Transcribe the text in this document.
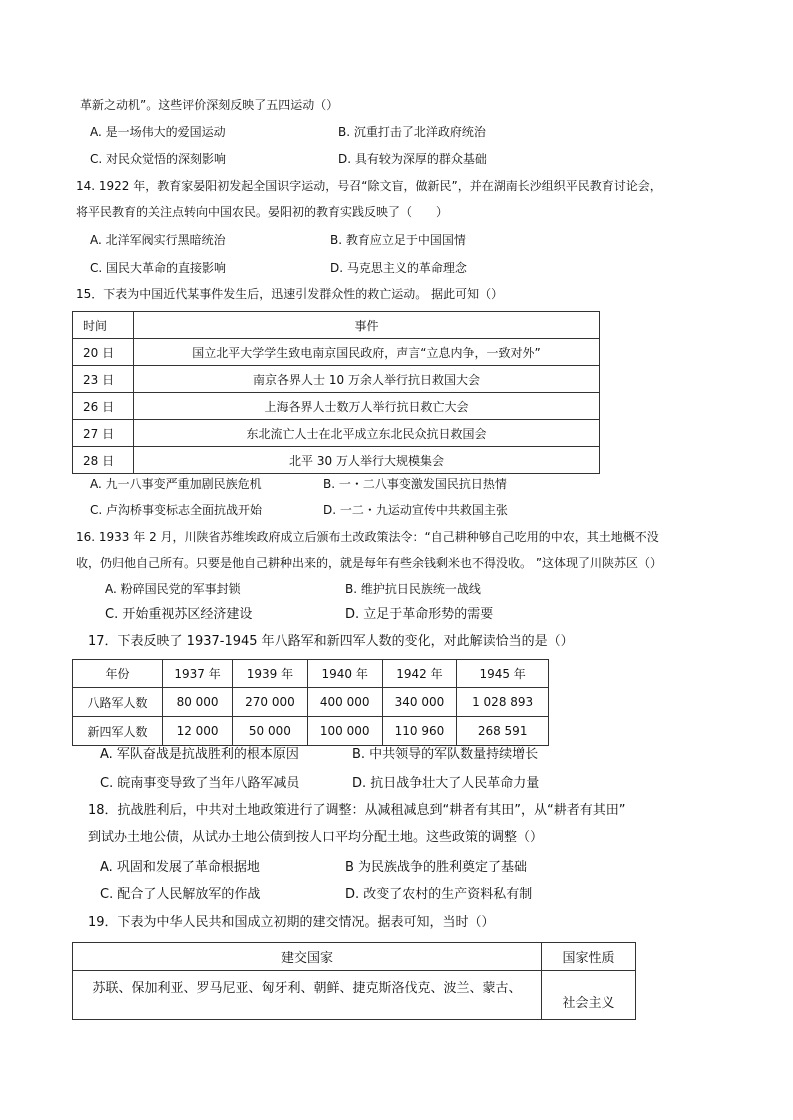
革新之动机”。这些评价深刻反映了五四运动（）
A. 是一场伟大的爱国运动	B. 沉重打击了北洋政府统治
C. 对民众觉悟的深刻影响	D. 具有较为深厚的群众基础
14. 1922 年，教育家晏阳初发起全国识字运动，号召“除文盲，做新民”，并在湖南长沙组织平民教育讨论会，
将平民教育的关注点转向中国农民。晏阳初的教育实践反映了（　　）
A. 北洋军阀实行黑暗统治	B. 教育应立足于中国国情
C. 国民大革命的直接影响	D. 马克思主义的革命理念
15．下表为中国近代某事件发生后，迅速引发群众性的救亡运动。 据此可知（）
时间	事件
20 日	国立北平大学学生致电南京国民政府，声言“立息内争，一致对外”
23 日	南京各界人士 10 万余人举行抗日救国大会
26 日	上海各界人士数万人举行抗日救亡大会
27 日	东北流亡人士在北平成立东北民众抗日救国会
28 日	北平 30 万人举行大规模集会
A. 九一八事变严重加剧民族危机	B. 一・二八事变激发国民抗日热情
C. 卢沟桥事变标志全面抗战开始	D. 一二・九运动宣传中共救国主张
16. 1933 年 2 月，川陕省苏维埃政府成立后颁布土改政策法令：“自己耕种够自己吃用的中农，其土地概不没
收，仍归他自己所有。只要是他自己耕种出来的，就是每年有些余钱剩米也不得没收。 ”这体现了川陕苏区（）
A. 粉碎国民党的军事封锁	B. 维护抗日民族统一战线
C. 开始重视苏区经济建设	D. 立足于革命形势的需要
17．下表反映了 1937-1945 年八路军和新四军人数的变化，对此解读恰当的是（）
年份	1937 年	1939 年	1940 年	1942 年	1945 年
八路军人数	80 000	270 000	400 000	340 000	1 028 893
新四军人数	12 000	50 000	100 000	110 960	268 591
A. 军队奋战是抗战胜利的根本原因	B. 中共领导的军队数量持续增长
C. 皖南事变导致了当年八路军减员	D. 抗日战争壮大了人民革命力量
18．抗战胜利后，中共对土地政策进行了调整：从减租减息到“耕者有其田”，从“耕者有其田”
到试办土地公债，从试办土地公债到按人口平均分配土地。这些政策的调整（）
A. 巩固和发展了革命根据地	B 为民族战争的胜利奠定了基础
C. 配合了人民解放军的作战	D. 改变了农村的生产资料私有制
19．下表为中华人民共和国成立初期的建交情况。据表可知，当时（）
建交国家	国家性质
苏联、保加利亚、罗马尼亚、匈牙利、朝鲜、捷克斯洛伐克、波兰、蒙古、	社会主义
